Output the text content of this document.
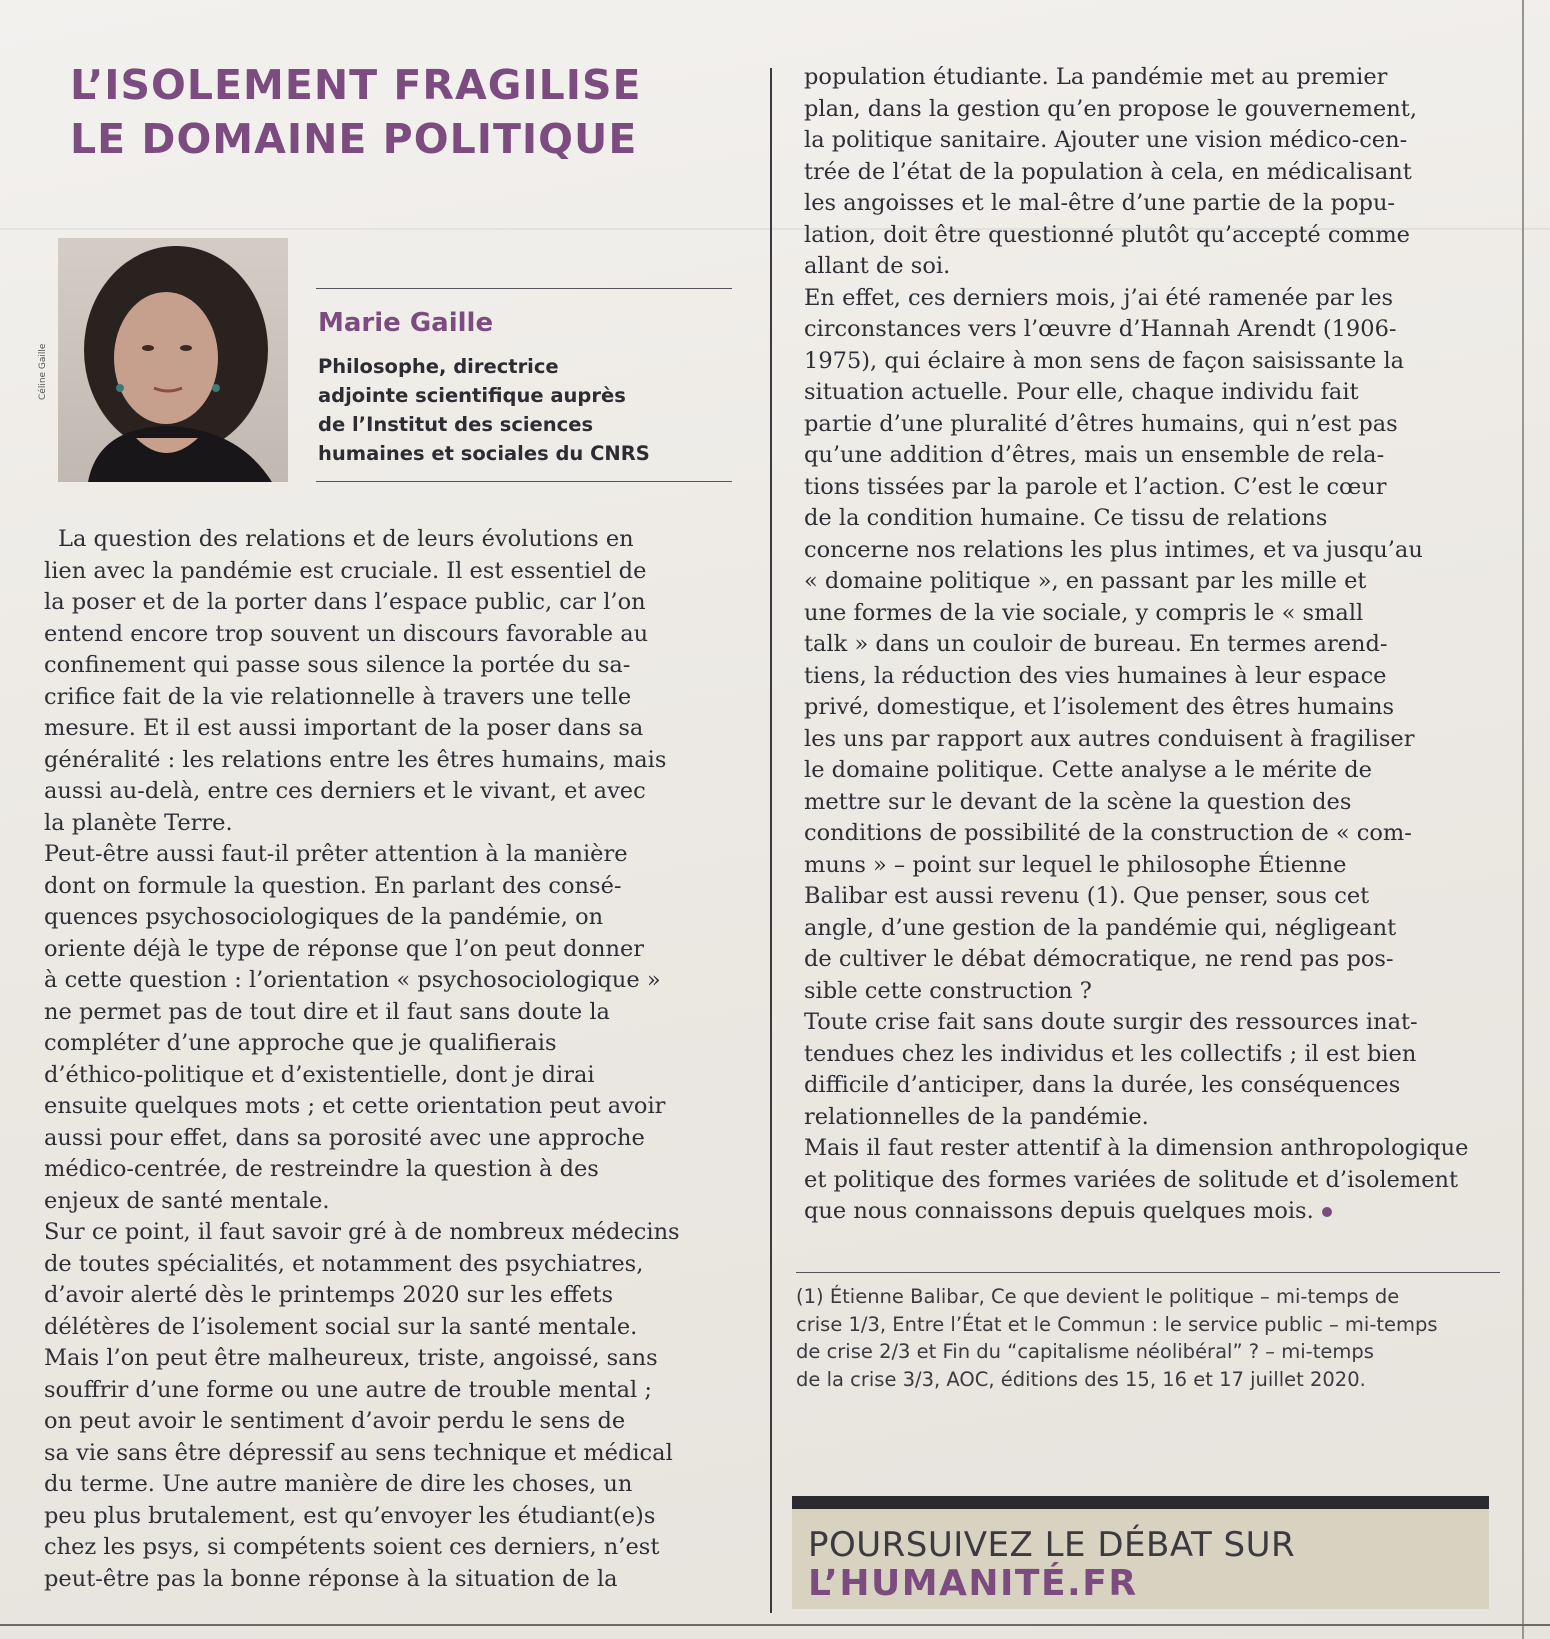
L’ISOLEMENT FRAGILISE
LE DOMAINE POLITIQUE
Céline Gaille
Marie Gaille
Philosophe, directrice
adjointe scientifique auprès
de l’Institut des sciences
humaines et sociales du CNRS
La question des relations et de leurs évolutions en
lien avec la pandémie est cruciale. Il est essentiel de
la poser et de la porter dans l’espace public, car l’on
entend encore trop souvent un discours favorable au
confinement qui passe sous silence la portée du sa-
crifice fait de la vie relationnelle à travers une telle
mesure. Et il est aussi important de la poser dans sa
généralité : les relations entre les êtres humains, mais
aussi au-delà, entre ces derniers et le vivant, et avec
la planète Terre.
Peut-être aussi faut-il prêter attention à la manière
dont on formule la question. En parlant des consé-
quences psychosociologiques de la pandémie, on
oriente déjà le type de réponse que l’on peut donner
à cette question : l’orientation « psychosociologique »
ne permet pas de tout dire et il faut sans doute la
compléter d’une approche que je qualifierais
d’éthico-politique et d’existentielle, dont je dirai
ensuite quelques mots ; et cette orientation peut avoir
aussi pour effet, dans sa porosité avec une approche
médico-centrée, de restreindre la question à des
enjeux de santé mentale.
Sur ce point, il faut savoir gré à de nombreux médecins
de toutes spécialités, et notamment des psychiatres,
d’avoir alerté dès le printemps 2020 sur les effets
délétères de l’isolement social sur la santé mentale.
Mais l’on peut être malheureux, triste, angoissé, sans
souffrir d’une forme ou une autre de trouble mental ;
on peut avoir le sentiment d’avoir perdu le sens de
sa vie sans être dépressif au sens technique et médical
du terme. Une autre manière de dire les choses, un
peu plus brutalement, est qu’envoyer les étudiant(e)s
chez les psys, si compétents soient ces derniers, n’est
peut-être pas la bonne réponse à la situation de la
population étudiante. La pandémie met au premier
plan, dans la gestion qu’en propose le gouvernement,
la politique sanitaire. Ajouter une vision médico-cen-
trée de l’état de la population à cela, en médicalisant
les angoisses et le mal-être d’une partie de la popu-
lation, doit être questionné plutôt qu’accepté comme
allant de soi.
En effet, ces derniers mois, j’ai été ramenée par les
circonstances vers l’œuvre d’Hannah Arendt (1906-
1975), qui éclaire à mon sens de façon saisissante la
situation actuelle. Pour elle, chaque individu fait
partie d’une pluralité d’êtres humains, qui n’est pas
qu’une addition d’êtres, mais un ensemble de rela-
tions tissées par la parole et l’action. C’est le cœur
de la condition humaine. Ce tissu de relations
concerne nos relations les plus intimes, et va jusqu’au
« domaine politique », en passant par les mille et
une formes de la vie sociale, y compris le « small
talk » dans un couloir de bureau. En termes arend-
tiens, la réduction des vies humaines à leur espace
privé, domestique, et l’isolement des êtres humains
les uns par rapport aux autres conduisent à fragiliser
le domaine politique. Cette analyse a le mérite de
mettre sur le devant de la scène la question des
conditions de possibilité de la construction de « com-
muns » – point sur lequel le philosophe Étienne
Balibar est aussi revenu (1). Que penser, sous cet
angle, d’une gestion de la pandémie qui, négligeant
de cultiver le débat démocratique, ne rend pas pos-
sible cette construction ?
Toute crise fait sans doute surgir des ressources inat-
tendues chez les individus et les collectifs ; il est bien
difficile d’anticiper, dans la durée, les conséquences
relationnelles de la pandémie.
Mais il faut rester attentif à la dimension anthropologique
et politique des formes variées de solitude et d’isolement
que nous connaissons depuis quelques mois.
(1) Étienne Balibar, Ce que devient le politique – mi-temps de
crise 1/3, Entre l’État et le Commun : le service public – mi-temps
de crise 2/3 et Fin du “capitalisme néolibéral” ? – mi-temps
de la crise 3/3, AOC, éditions des 15, 16 et 17 juillet 2020.
POURSUIVEZ LE DÉBAT SUR
L’HUMANITÉ.FR
